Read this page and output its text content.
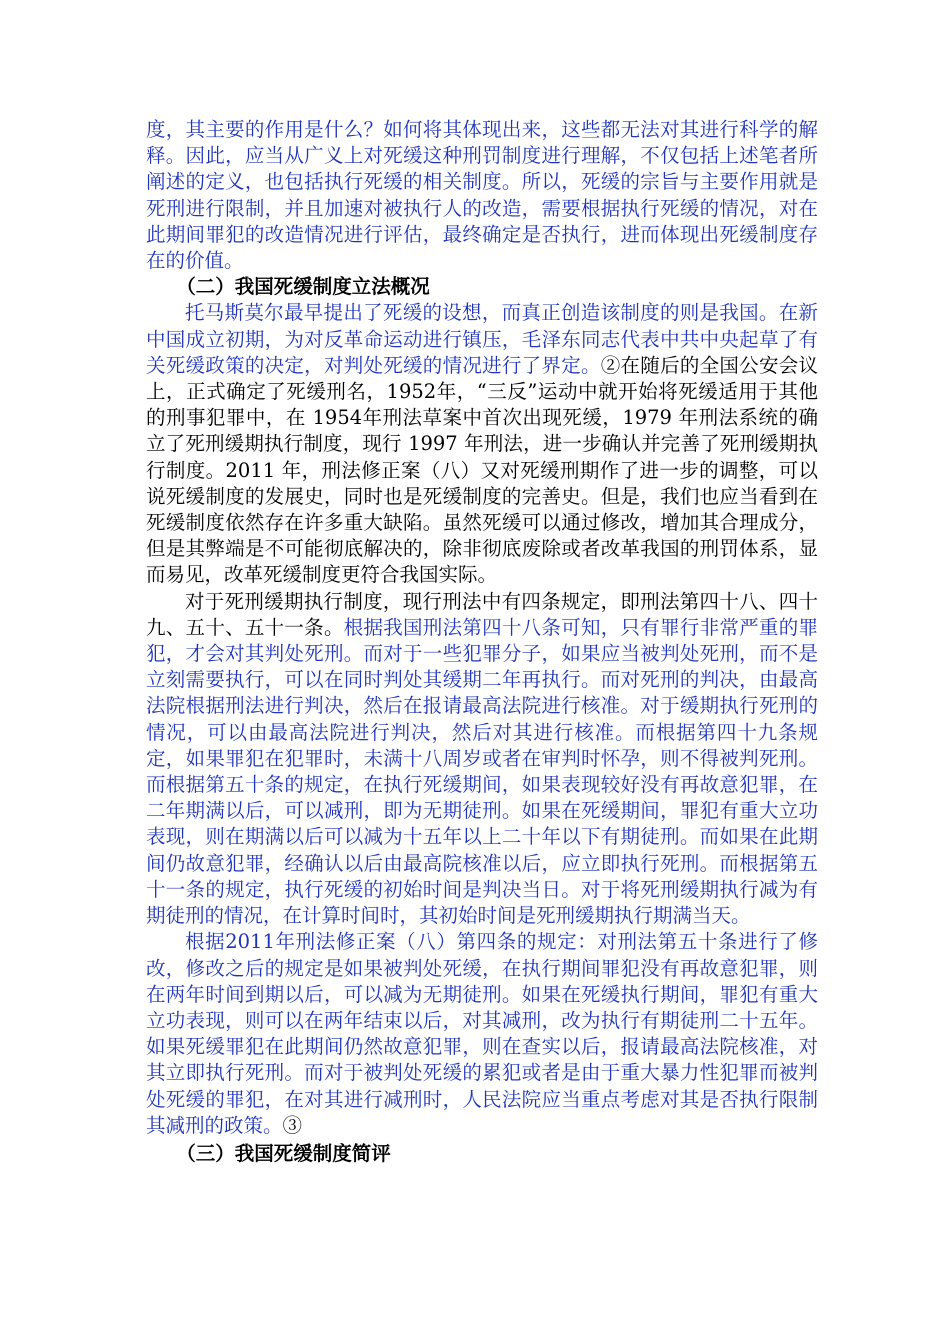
度，其主要的作用是什么？如何将其体现出来，这些都无法对其进行科学的解释。因此，应当从广义上对死缓这种刑罚制度进行理解，不仅包括上述笔者所阐述的定义，也包括执行死缓的相关制度。所以，死缓的宗旨与主要作用就是死刑进行限制，并且加速对被执行人的改造，需要根据执行死缓的情况，对在此期间罪犯的改造情况进行评估，最终确定是否执行，进而体现出死缓制度存在的价值。

（二）我国死缓制度立法概况

托马斯莫尔最早提出了死缓的设想，而真正创造该制度的则是我国。在新中国成立初期，为对反革命运动进行镇压，毛泽东同志代表中共中央起草了有关死缓政策的决定，对判处死缓的情况进行了界定。②在随后的全国公安会议上，正式确定了死缓刑名，1952年，“三反”运动中就开始将死缓适用于其他的刑事犯罪中，在 1954年刑法草案中首次出现死缓，1979 年刑法系统的确立了死刑缓期执行制度，现行 1997 年刑法，进一步确认并完善了死刑缓期执行制度。2011 年，刑法修正案（八）又对死缓刑期作了进一步的调整，可以说死缓制度的发展史，同时也是死缓制度的完善史。但是，我们也应当看到在死缓制度依然存在许多重大缺陷。虽然死缓可以通过修改，增加其合理成分，但是其弊端是不可能彻底解决的，除非彻底废除或者改革我国的刑罚体系，显而易见，改革死缓制度更符合我国实际。

对于死刑缓期执行制度，现行刑法中有四条规定，即刑法第四十八、四十九、五十、五十一条。根据我国刑法第四十八条可知，只有罪行非常严重的罪犯，才会对其判处死刑。而对于一些犯罪分子，如果应当被判处死刑，而不是立刻需要执行，可以在同时判处其缓期二年再执行。而对死刑的判决，由最高法院根据刑法进行判决，然后在报请最高法院进行核准。对于缓期执行死刑的情况，可以由最高法院进行判决，然后对其进行核准。而根据第四十九条规定，如果罪犯在犯罪时，未满十八周岁或者在审判时怀孕，则不得被判死刑。而根据第五十条的规定，在执行死缓期间，如果表现较好没有再故意犯罪，在二年期满以后，可以减刑，即为无期徒刑。如果在死缓期间，罪犯有重大立功表现，则在期满以后可以减为十五年以上二十年以下有期徒刑。而如果在此期间仍故意犯罪，经确认以后由最高院核准以后，应立即执行死刑。而根据第五十一条的规定，执行死缓的初始时间是判决当日。对于将死刑缓期执行减为有期徒刑的情况，在计算时间时，其初始时间是死刑缓期执行期满当天。

根据2011年刑法修正案（八）第四条的规定：对刑法第五十条进行了修改，修改之后的规定是如果被判处死缓，在执行期间罪犯没有再故意犯罪，则在两年时间到期以后，可以减为无期徒刑。如果在死缓执行期间，罪犯有重大立功表现，则可以在两年结束以后，对其减刑，改为执行有期徒刑二十五年。如果死缓罪犯在此期间仍然故意犯罪，则在查实以后，报请最高法院核准，对其立即执行死刑。而对于被判处死缓的累犯或者是由于重大暴力性犯罪而被判处死缓的罪犯，在对其进行减刑时，人民法院应当重点考虑对其是否执行限制其减刑的政策。③

（三）我国死缓制度简评
